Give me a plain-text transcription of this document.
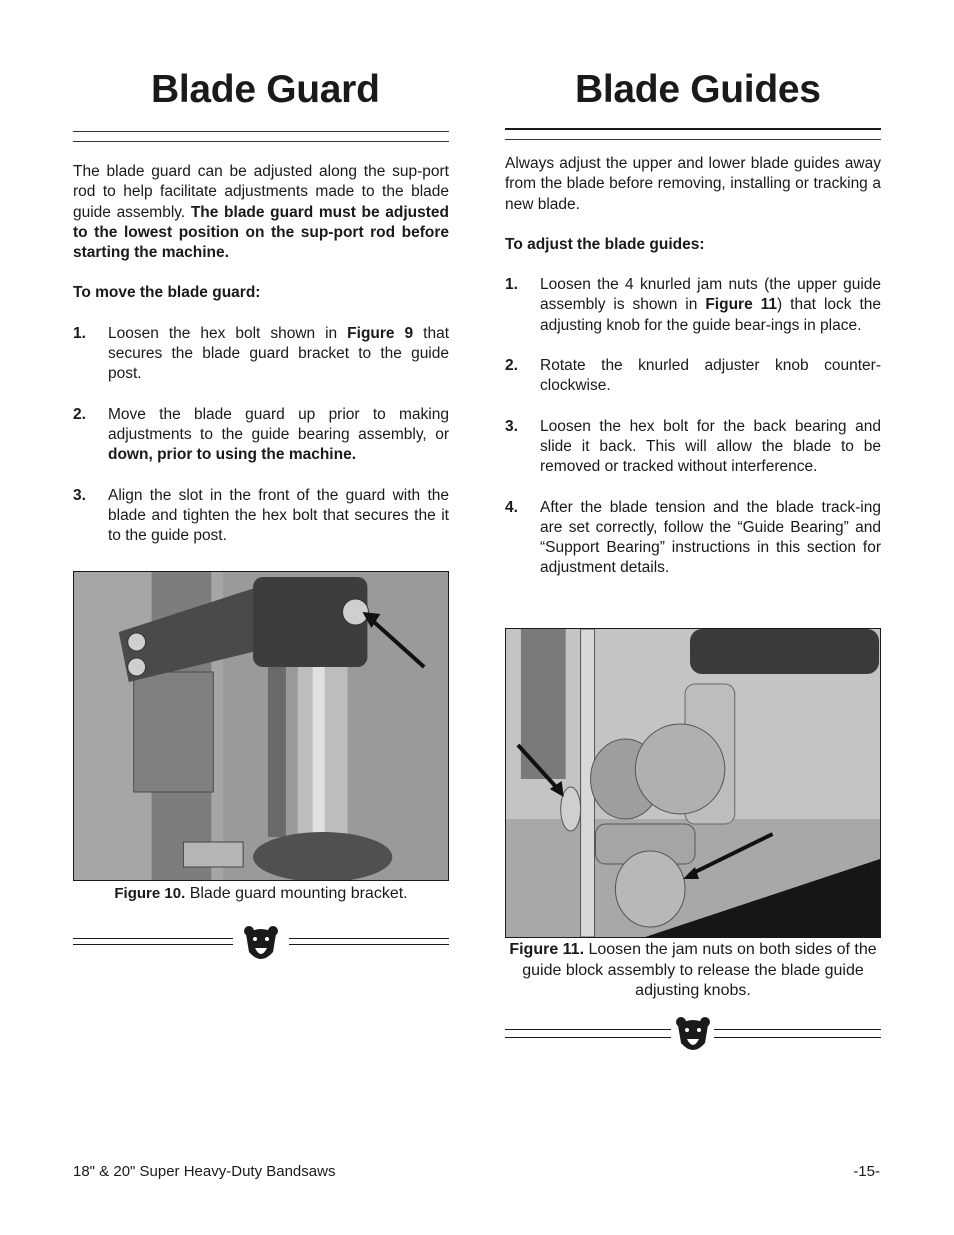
Blade Guard

The blade guard can be adjusted along the sup-port rod to help facilitate adjustments made to the blade guide assembly. The blade guard must be adjusted to the lowest position on the sup-port rod before starting the machine.

To move the blade guard:

1.	Loosen the hex bolt shown in Figure 9 that secures the blade guard bracket to the guide post.
2.	Move the blade guard up prior to making adjustments to the guide bearing assembly, or down, prior to using the machine.
3.	Align the slot in the front of the guard with the blade and tighten the hex bolt that secures the it to the guide post.
Figure 10. Blade guard mounting bracket.
Blade Guides

Always adjust the upper and lower blade guides away from the blade before removing, installing or tracking a new blade.

To adjust the blade guides:

1.	Loosen the 4 knurled jam nuts (the upper guide assembly is shown in Figure 11) that lock the adjusting knob for the guide bear-ings in place.
2.	Rotate the knurled adjuster knob counter-clockwise.
3.	Loosen the hex bolt for the back bearing and slide it back. This will allow the blade to be removed or tracked without interference.
4.	After the blade tension and the blade track-ing are set correctly, follow the “Guide Bearing” and “Support Bearing” instructions in this section for adjustment details.
Figure 11. Loosen the jam nuts on both sides of the guide block assembly to release the blade guide adjusting knobs.
18" & 20" Super Heavy-Duty Bandsaws	-15-
